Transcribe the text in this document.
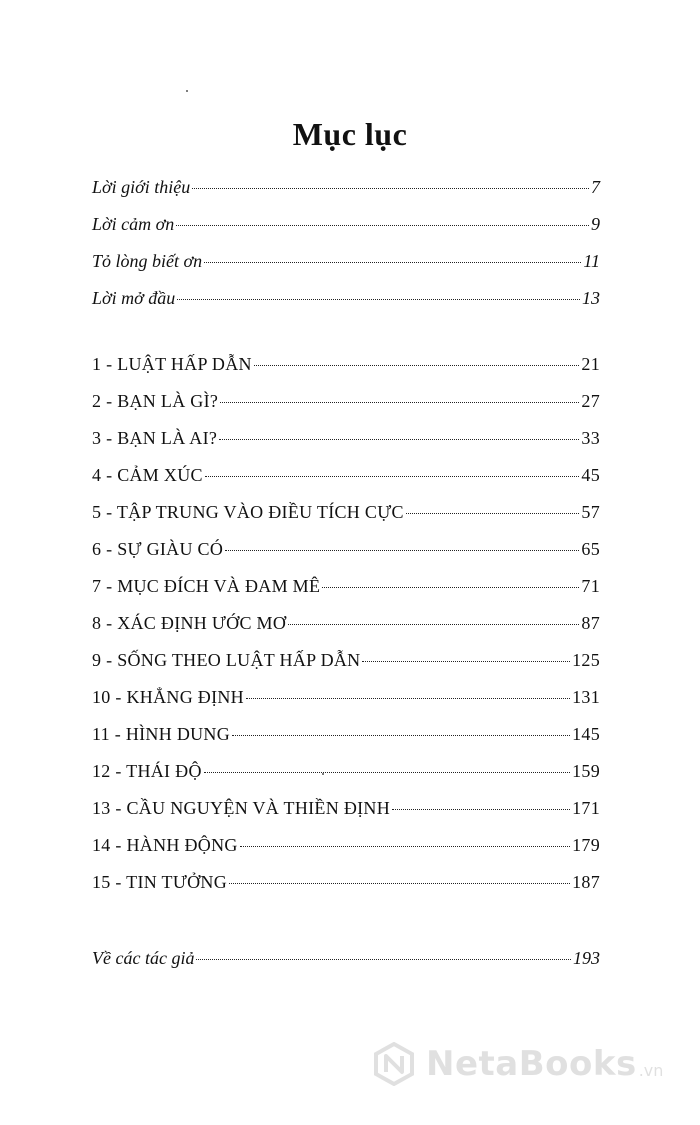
Mục lục
Lời giới thiệu	7
Lời cảm ơn	9
Tỏ lòng biết ơn	11
Lời mở đầu	13
1 - LUẬT HẤP DẪN	21
2 - BẠN LÀ GÌ?	27
3 - BẠN LÀ AI?	33
4 - CẢM XÚC	45
5 - TẬP TRUNG VÀO ĐIỀU TÍCH CỰC	57
6 - SỰ GIÀU CÓ	65
7 - MỤC ĐÍCH VÀ ĐAM MÊ	71
8 - XÁC ĐỊNH ƯỚC MƠ	87
9 - SỐNG THEO LUẬT HẤP DẪN	125
10 - KHẲNG ĐỊNH	131
11 - HÌNH DUNG	145
12 - THÁI ĐỘ	159
13 - CẦU NGUYỆN VÀ THIỀN ĐỊNH	171
14 - HÀNH ĐỘNG	179
15 - TIN TƯỞNG	187
Về các tác giả	193
NetaBooks .vn
